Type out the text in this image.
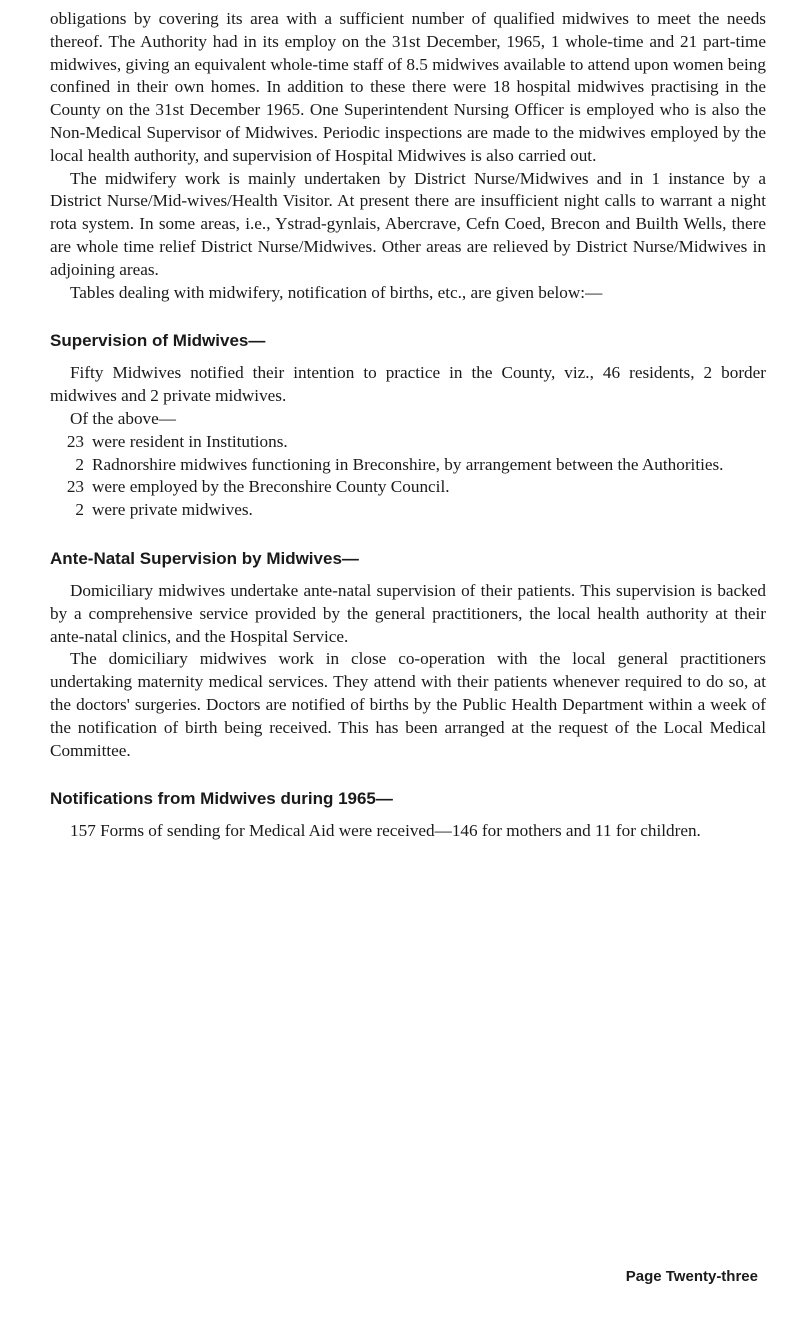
obligations by covering its area with a sufficient number of qualified midwives to meet the needs thereof. The Authority had in its employ on the 31st December, 1965, 1 whole-time and 21 part-time midwives, giving an equivalent whole-time staff of 8.5 midwives available to attend upon women being confined in their own homes. In addition to these there were 18 hospital midwives practising in the County on the 31st December 1965. One Superintendent Nursing Officer is employed who is also the Non-Medical Supervisor of Midwives. Periodic inspections are made to the midwives employed by the local health authority, and supervision of Hospital Midwives is also carried out.

The midwifery work is mainly undertaken by District Nurse/Midwives and in 1 instance by a District Nurse/Mid-wives/Health Visitor. At present there are insufficient night calls to warrant a night rota system. In some areas, i.e., Ystrad-gynlais, Abercrave, Cefn Coed, Brecon and Builth Wells, there are whole time relief District Nurse/Midwives. Other areas are relieved by District Nurse/Midwives in adjoining areas.

Tables dealing with midwifery, notification of births, etc., are given below:—

Supervision of Midwives—

Fifty Midwives notified their intention to practice in the County, viz., 46 residents, 2 border midwives and 2 private midwives.

Of the above—

23 were resident in Institutions.
2 Radnorshire midwives functioning in Breconshire, by arrangement between the Authorities.
23 were employed by the Breconshire County Council.
2 were private midwives.
Ante-Natal Supervision by Midwives—

Domiciliary midwives undertake ante-natal supervision of their patients. This supervision is backed by a comprehensive service provided by the general practitioners, the local health authority at their ante-natal clinics, and the Hospital Service.

The domiciliary midwives work in close co-operation with the local general practitioners undertaking maternity medical services. They attend with their patients whenever required to do so, at the doctors' surgeries. Doctors are notified of births by the Public Health Department within a week of the notification of birth being received. This has been arranged at the request of the Local Medical Committee.

Notifications from Midwives during 1965—

157 Forms of sending for Medical Aid were received—146 for mothers and 11 for children.

Page Twenty-three
